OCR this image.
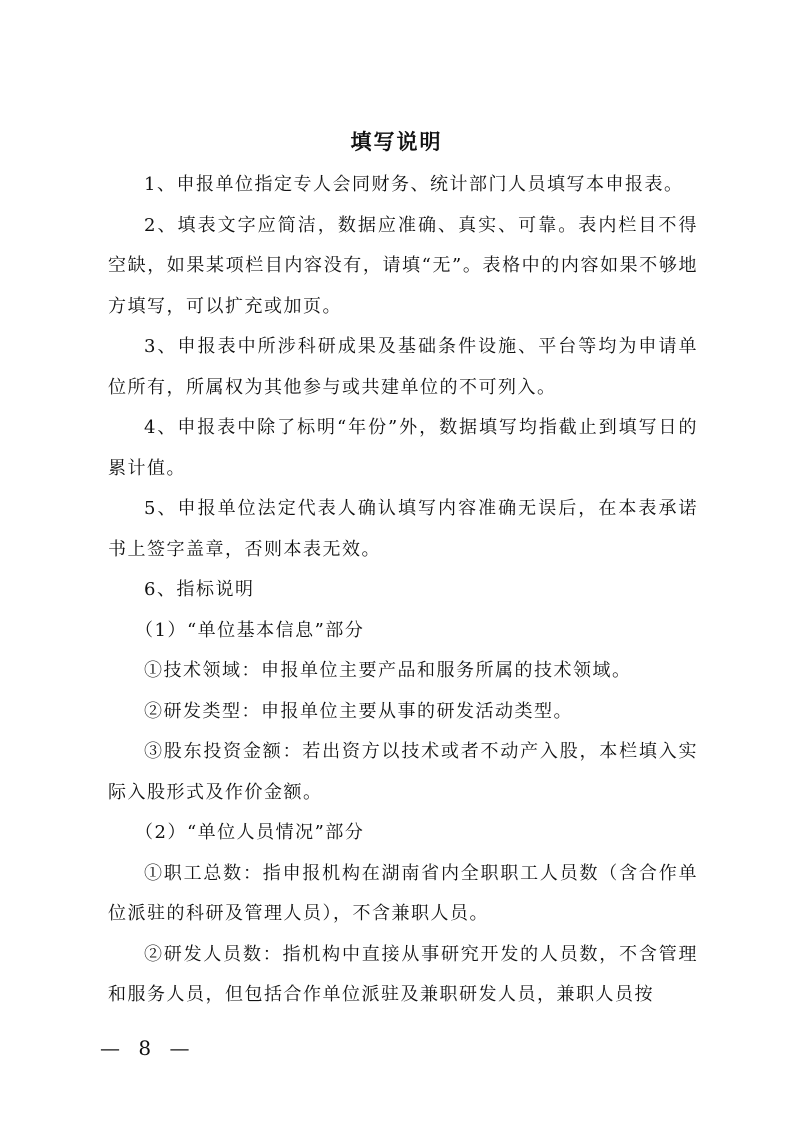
填写说明

1、申报单位指定专人会同财务、统计部门人员填写本申报表。

2、填表文字应简洁，数据应准确、真实、可靠。表内栏目不得空缺，如果某项栏目内容没有，请填“无”。表格中的内容如果不够地方填写，可以扩充或加页。

3、申报表中所涉科研成果及基础条件设施、平台等均为申请单位所有，所属权为其他参与或共建单位的不可列入。

4、申报表中除了标明“年份”外，数据填写均指截止到填写日的累计值。

5、申报单位法定代表人确认填写内容准确无误后，在本表承诺书上签字盖章，否则本表无效。

6、指标说明

（1）“单位基本信息”部分

①技术领域：申报单位主要产品和服务所属的技术领域。

②研发类型：申报单位主要从事的研发活动类型。

③股东投资金额：若出资方以技术或者不动产入股，本栏填入实际入股形式及作价金额。

（2）“单位人员情况”部分

①职工总数：指申报机构在湖南省内全职职工人员数（含合作单位派驻的科研及管理人员），不含兼职人员。

②研发人员数：指机构中直接从事研究开发的人员数，不含管理和服务人员，但包括合作单位派驻及兼职研发人员，兼职人员按

— 8 —
